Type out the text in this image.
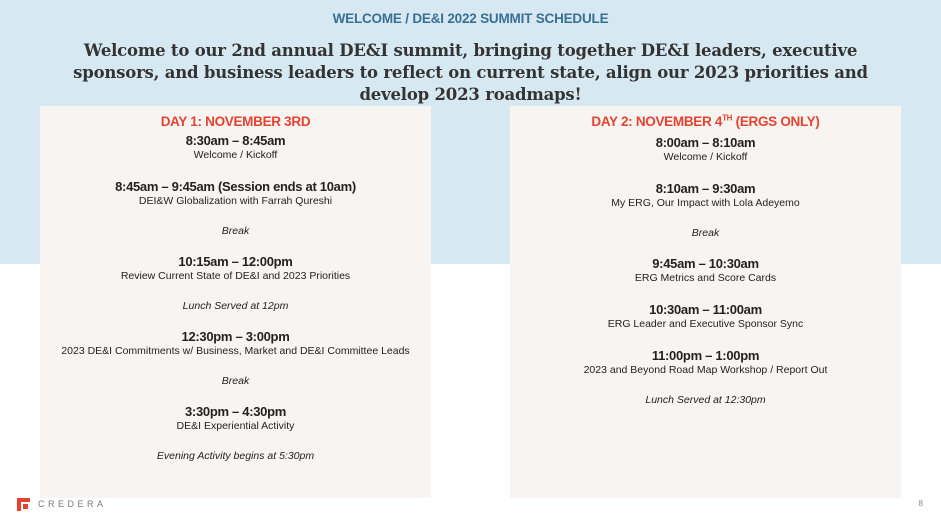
WELCOME / DE&I 2022 SUMMIT SCHEDULE
Welcome to our 2nd annual DE&I summit, bringing together DE&I leaders, executive sponsors, and business leaders to reflect on current state, align our 2023 priorities and develop 2023 roadmaps!
DAY 1: NOVEMBER 3RD
8:30am – 8:45am
Welcome / Kickoff
8:45am – 9:45am (Session ends at 10am)
DEI&W Globalization with Farrah Qureshi
Break
10:15am – 12:00pm
Review Current State of DE&I and 2023 Priorities
Lunch Served at 12pm
12:30pm – 3:00pm
2023 DE&I Commitments w/ Business, Market and DE&I Committee Leads
Break
3:30pm – 4:30pm
DE&I Experiential Activity
Evening Activity begins at 5:30pm
DAY 2: NOVEMBER 4TH (ERGS ONLY)
8:00am – 8:10am
Welcome / Kickoff
8:10am – 9:30am
My ERG, Our Impact with Lola Adeyemo
Break
9:45am – 10:30am
ERG Metrics and Score Cards
10:30am – 11:00am
ERG Leader and Executive Sponsor Sync
11:00pm – 1:00pm
2023 and Beyond Road Map Workshop / Report Out
Lunch Served at 12:30pm
CREDERA	8
